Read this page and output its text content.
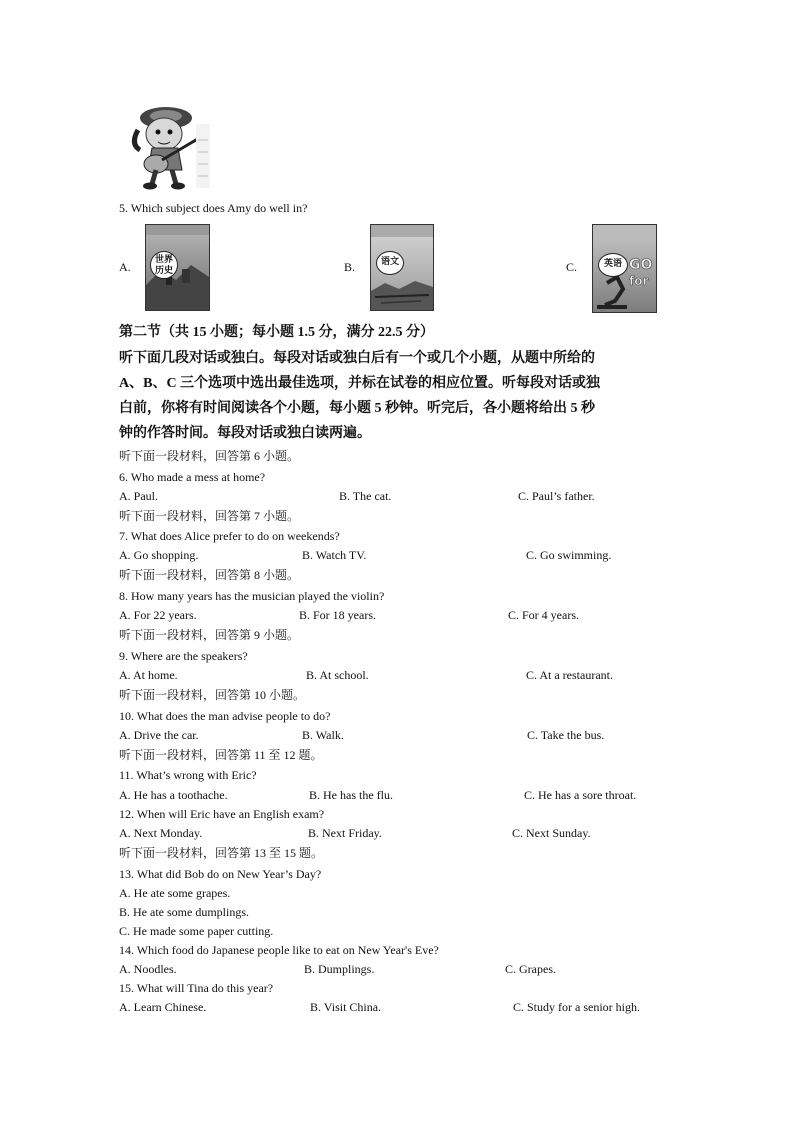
5. Which subject does Amy do well in?
A.	世界
历史	B.	语文	C.	GO
for
英语
第二节（共 15 小题；每小题 1.5 分，满分 22.5 分）
听下面几段对话或独白。每段对话或独白后有一个或几个小题，从题中所给的
A、B、C 三个选项中选出最佳选项，并标在试卷的相应位置。听每段对话或独
白前，你将有时间阅读各个小题，每小题 5 秒钟。听完后，各小题将给出 5 秒
钟的作答时间。每段对话或独白读两遍。
听下面一段材料，回答第 6 小题。
6. Who made a mess at home?
A. Paul.	B. The cat.	C. Paul’s father.
听下面一段材料，回答第 7 小题。
7. What does Alice prefer to do on weekends?
A. Go shopping.	B. Watch TV.	C. Go swimming.
听下面一段材料，回答第 8 小题。
8. How many years has the musician played the violin?
A. For 22 years.	B. For 18 years.	C. For 4 years.
听下面一段材料，回答第 9 小题。
9. Where are the speakers?
A. At home.	B. At school.	C. At a restaurant.
听下面一段材料，回答第 10 小题。
10. What does the man advise people to do?
A. Drive the car.	B. Walk.	C. Take the bus.
听下面一段材料，回答第 11 至 12 题。
11. What’s wrong with Eric?
A. He has a toothache.	B. He has the flu.	C. He has a sore throat.
12. When will Eric have an English exam?
A. Next Monday.	B. Next Friday.	C. Next Sunday.
听下面一段材料，回答第 13 至 15 题。
13. What did Bob do on New Year’s Day?
A. He ate some grapes.
B. He ate some dumplings.
C. He made some paper cutting.
14. Which food do Japanese people like to eat on New Year's Eve?
A. Noodles.	B. Dumplings.	C. Grapes.
15. What will Tina do this year?
A. Learn Chinese.	B. Visit China.	C. Study for a senior high.
